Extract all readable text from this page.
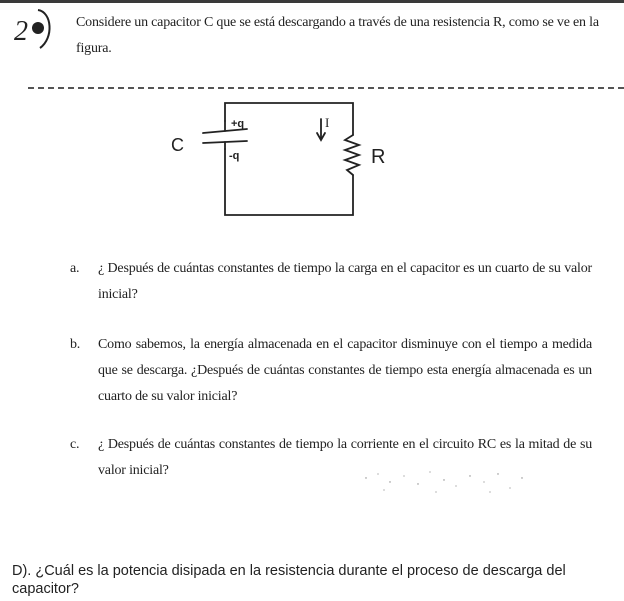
2	Considere un capacitor C que se está descargando a través de una resistencia R, como se ve en la figura.

C
+q
-q
I
R
a. ¿ Después de cuántas constantes de tiempo la carga en el capacitor es un cuarto de su valor inicial?
b. Como sabemos, la energía almacenada en el capacitor disminuye con el tiempo a medida que se descarga. ¿Después de cuántas constantes de tiempo esta energía almacenada es un cuarto de su valor inicial?
c. ¿ Después de cuántas constantes de tiempo la corriente en el circuito RC es la mitad de su valor inicial?

D). ¿Cuál es la potencia disipada en la resistencia durante el proceso de descarga del capacitor?
